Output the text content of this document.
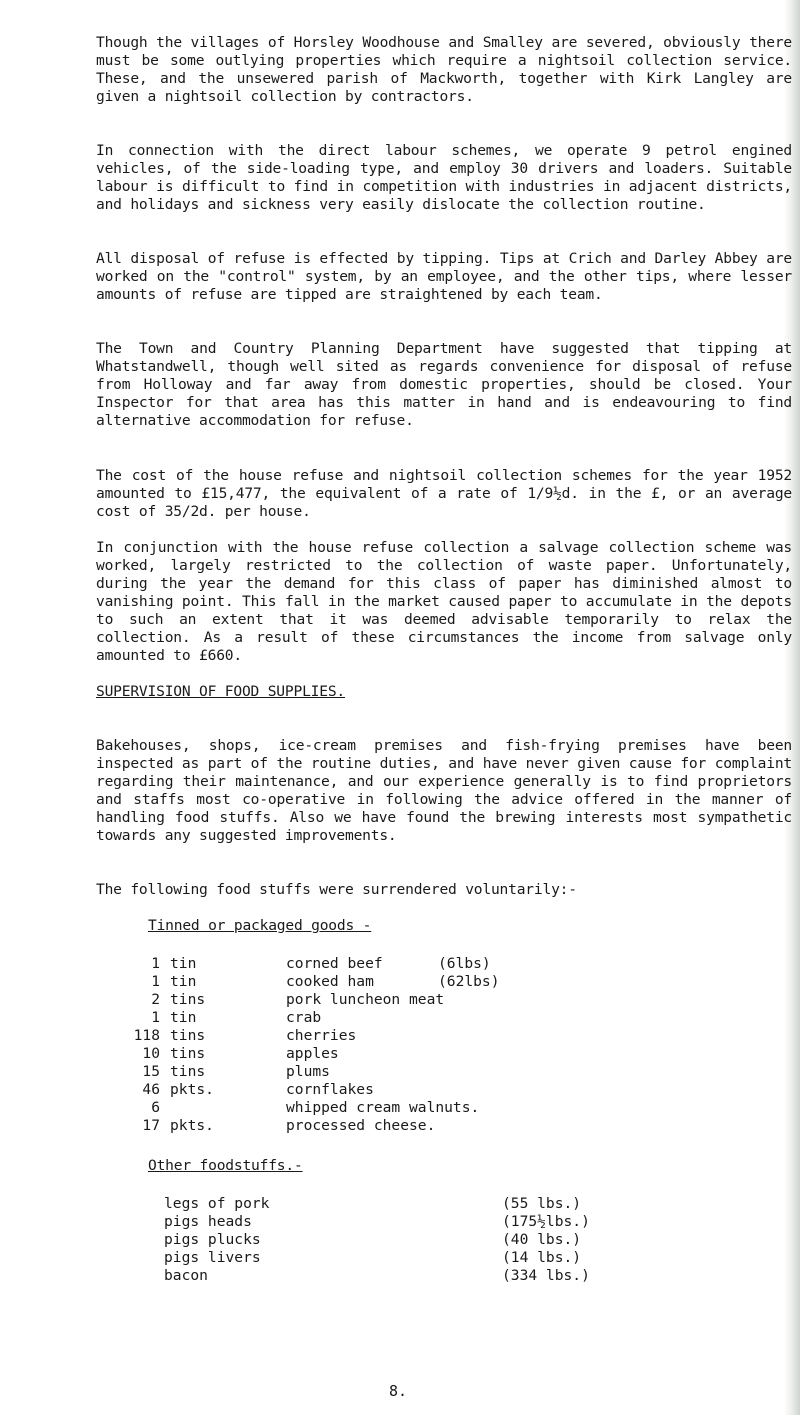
Though the villages of Horsley Woodhouse and Smalley are severed, obviously there must be some outlying properties which require a nightsoil collection service. These, and the unsewered parish of Mackworth, together with Kirk Langley are given a nightsoil collection by contractors.

In connection with the direct labour schemes, we operate 9 petrol engined vehicles, of the side-loading type, and employ 30 drivers and loaders. Suitable labour is difficult to find in competition with industries in adjacent districts, and holidays and sickness very easily dislocate the collection routine.

All disposal of refuse is effected by tipping. Tips at Crich and Darley Abbey are worked on the "control" system, by an employee, and the other tips, where lesser amounts of refuse are tipped are straightened by each team.

The Town and Country Planning Department have suggested that tipping at Whatstandwell, though well sited as regards convenience for disposal of refuse from Holloway and far away from domestic properties, should be closed. Your Inspector for that area has this matter in hand and is endeavouring to find alternative accommodation for refuse.

The cost of the house refuse and nightsoil collection schemes for the year 1952 amounted to £15,477, the equivalent of a rate of 1/9½d. in the £, or an average cost of 35/2d. per house.

In conjunction with the house refuse collection a salvage collection scheme was worked, largely restricted to the collection of waste paper. Unfortunately, during the year the demand for this class of paper has diminished almost to vanishing point. This fall in the market caused paper to accumulate in the depots to such an extent that it was deemed advisable temporarily to relax the collection. As a result of these circumstances the income from salvage only amounted to £660.

SUPERVISION OF FOOD SUPPLIES.

Bakehouses, shops, ice-cream premises and fish-frying premises have been inspected as part of the routine duties, and have never given cause for complaint regarding their maintenance, and our experience generally is to find proprietors and staffs most co-operative in following the advice offered in the manner of handling food stuffs. Also we have found the brewing interests most sympathetic towards any suggested improvements.

The following food stuffs were surrendered voluntarily:-

Tinned or packaged goods -

1 tin	corned beef	(6lbs)
1 tin	cooked ham	(62lbs)
2 tins	pork luncheon meat
1 tin	crab
118 tins	cherries
10 tins	apples
15 tins	plums
46 pkts.	cornflakes
6	whipped cream walnuts.
17 pkts.	processed cheese.

Other foodstuffs.-

legs of pork	(55 lbs.)
pigs heads	(175½lbs.)
pigs plucks	(40 lbs.)
pigs livers	(14 lbs.)
bacon	(334 lbs.)
8.
